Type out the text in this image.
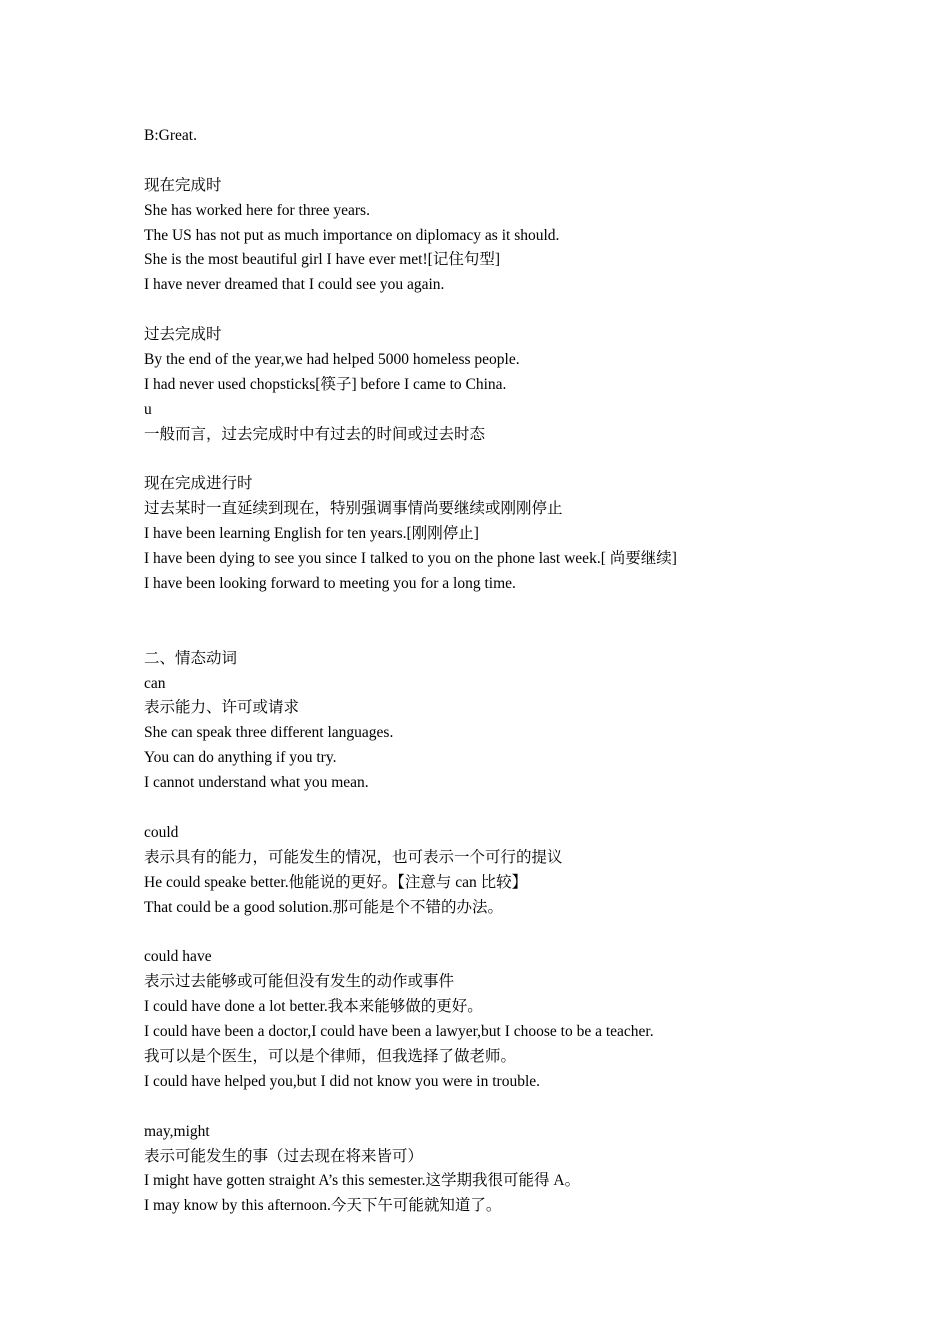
B:Great.
现在完成时
She has worked here for three years.
The US has not put as much importance on diplomacy as it should.
She is the most beautiful girl I have ever met![记住句型]
I have never dreamed that I could see you again.
过去完成时
By the end of the year,we had helped 5000 homeless people.
I had never used chopsticks[筷子] before I came to China.
u
一般而言，过去完成时中有过去的时间或过去时态
现在完成进行时
过去某时一直延续到现在，特别强调事情尚要继续或刚刚停止
I have been learning English for ten years.[刚刚停止]
I have been dying to see you since I talked to you on the phone last week.[ 尚要继续]
I have been looking forward to meeting you for a long time.
二、情态动词
can
表示能力、许可或请求
She can speak three different languages.
You can do anything if you try.
I cannot understand what you mean.
could
表示具有的能力，可能发生的情况，也可表示一个可行的提议
He could speake better.他能说的更好。【注意与 can 比较】
That could be a good solution.那可能是个不错的办法。
could have
表示过去能够或可能但没有发生的动作或事件
I could have done a lot better.我本来能够做的更好。
I could have been a doctor,I could have been a lawyer,but I choose to be a teacher.
我可以是个医生，可以是个律师，但我选择了做老师。
I could have helped you,but I did not know you were in trouble.
may,might
表示可能发生的事（过去现在将来皆可）
I might have gotten straight A’s this semester.这学期我很可能得 A。
I may know by this afternoon.今天下午可能就知道了。
